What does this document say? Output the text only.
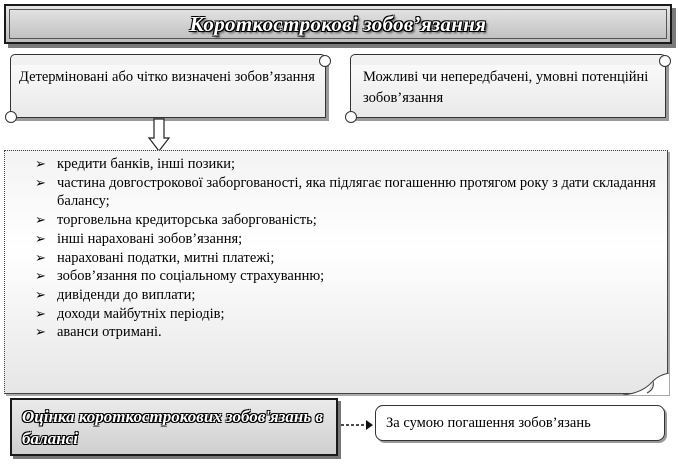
Короткострокові зобов’язання
Детерміновані або чітко визначені зобов’язання	Можливі чи непередбачені, умовні потенційні зобов’язання
➢ кредити банків, інші позики;
➢ частина довгострокової заборгованості, яка підлягає погашенню протягом року з дати складання балансу;
➢ торговельна кредиторська заборгованість;
➢ інші нараховані зобов’язання;
➢ нараховані податки, митні платежі;
➢ зобов’язання по соціальному страхуванню;
➢ дивіденди до виплати;
➢ доходи майбутніх періодів;
➢ аванси отримані.
Оцінка короткострокових зобов'язань в балансі
За сумою погашення зобов’язань
